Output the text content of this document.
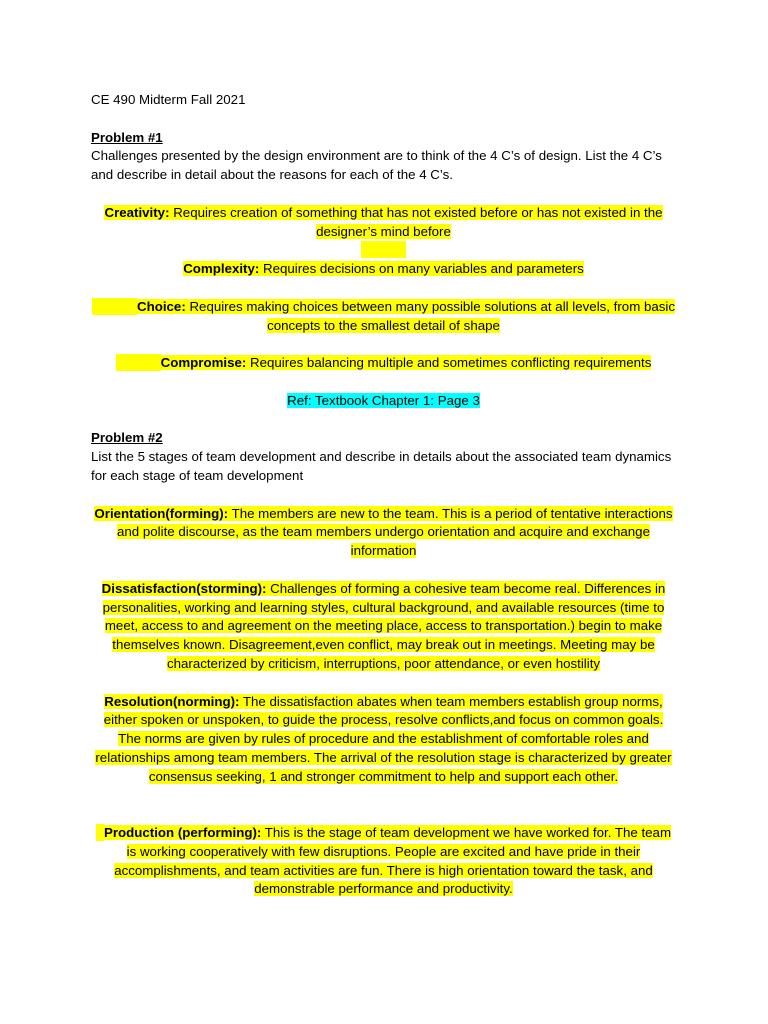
CE 490 Midterm Fall 2021

Problem #1

Challenges presented by the design environment are to think of the 4 C’s of design. List the 4 C’s and describe in detail about the reasons for each of the 4 C’s.

Creativity: Requires creation of something that has not existed before or has not existed in the designer’s mind before

Complexity: Requires decisions on many variables and parameters

Choice: Requires making choices between many possible solutions at all levels, from basic concepts to the smallest detail of shape

Compromise: Requires balancing multiple and sometimes conflicting requirements

Ref: Textbook Chapter 1: Page 3

Problem #2

List the 5 stages of team development and describe in details about the associated team dynamics for each stage of team development

Orientation(forming): The members are new to the team. This is a period of tentative interactions and polite discourse, as the team members undergo orientation and acquire and exchange information

Dissatisfaction(storming): Challenges of forming a cohesive team become real. Differences in personalities, working and learning styles, cultural background, and available resources (time to meet, access to and agreement on the meeting place, access to transportation.) begin to make themselves known. Disagreement,even conflict, may break out in meetings. Meeting may be characterized by criticism, interruptions, poor attendance, or even hostility

Resolution(norming): The dissatisfaction abates when team members establish group norms, either spoken or unspoken, to guide the process, resolve conflicts,and focus on common goals. The norms are given by rules of procedure and the establishment of comfortable roles and relationships among team members. The arrival of the resolution stage is characterized by greater consensus seeking, 1 and stronger commitment to help and support each other.

Production (performing): This is the stage of team development we have worked for. The team is working cooperatively with few disruptions. People are excited and have pride in their accomplishments, and team activities are fun. There is high orientation toward the task, and demonstrable performance and productivity.
